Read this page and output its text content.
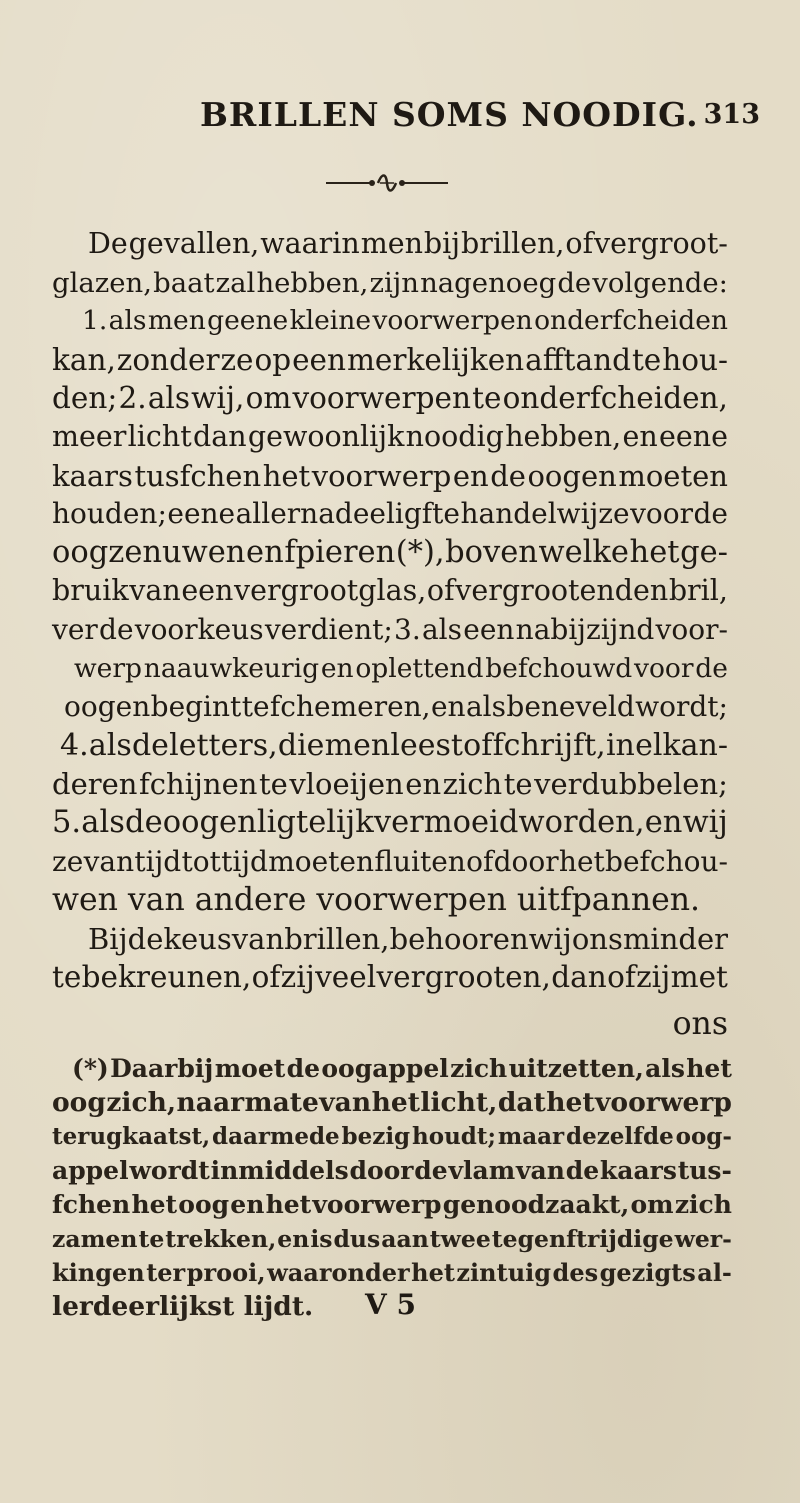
BRILLEN SOMS NOODIG. 313
De gevallen, waarin men bij brillen, of vergroot-
glazen, baat zal hebben, zijn nagenoeg de volgende:
1. als men geene kleine voorwerpen onderfcheiden
kan, zonder ze op een merkelijken afftand te hou-
den; 2. als wij, om voorwerpen te onderfcheiden,
meer licht dan gewoonlijk noodig hebben, en eene
kaars tusfchen het voorwerp en de oogen moeten
houden; eene allernadeeligfte handelwijze voor de
oogzenuwen en fpieren (*), boven welke het ge-
bruik van een vergrootglas, of vergrootenden bril,
ver de voorkeus verdient; 3. als een nabijzijnd voor-
werp naauwkeurig en oplettend befchouwd voor de
oogen begint te fchemeren, en als beneveld wordt;
4. als de letters, die men leest of fchrijft, in elkan-
deren fchijnen te vloeijen en zich te verdubbelen;
5. als de oogen ligtelijk vermoeid worden, en wij
ze van tijd tot tijd moeten fluiten of door het befchou-
wen van andere voorwerpen uitfpannen.
Bij de keus van brillen, behooren wij ons minder
te bekreunen, of zij veel vergrooten, dan of zij met
ons
(*) Daarbij moet de oogappel zich uitzetten, als het
oog zich, naar mate van het licht, dat het voorwerp
terugkaatst, daarmede bezig houdt; maar dezelfde oog-
appel wordt inmiddels door de vlam van de kaars tus-
fchen het oog en het voorwerp genoodzaakt, om zich
zamen te trekken, en is dus aan twee tegenftrijdige wer-
kingen ter prooi, waaronder het zintuig des gezigts al-
lerdeerlijkst lijdt. V 5
